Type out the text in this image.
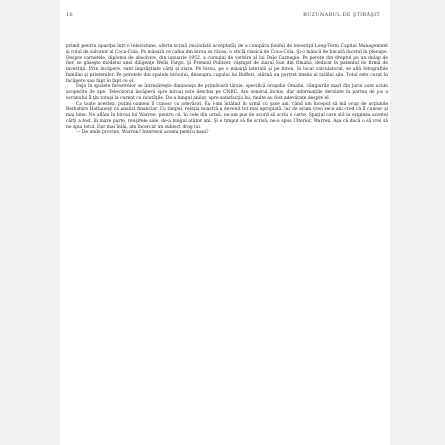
16	BUZUNARUL DE ŞTIRĂŞIT

primit pentru apariţia într-o televiziune, oferta scrisă (niciodată acceptată) de a cumpăra fondul de investiţii Long-Term Capital Management şi rolul de salvator al Coca-Cola. Pe măsură ce cafea din birou se răcea, o sticlă clasică de Coca-Cola. Şi-o mâncă de bucată încetul în pleoape. Despre carnetele, diploma de absolvire, din ianuarie 1952, a cursului de vorbire al lui Dale Carnegie. Pe perete din dreptul pe un dulap de fier, se găseşte modelul unei diligenţe Wells Fargo. Şi Premiul Pulitzer, câştigat de ziarul Sun din Omaha, dedicat în patentul de firmă de investiţii. Prin încăpere, sunt împrăştiate cărţi şi ziare. Pe birou, pe o măsuţă laterală şi pe birou, în local calculatorul, se află fotografiile familiei şi prietenilor. Pe peretele din spatele biroului, deasupra capului lui Buffett, atârnă un portret imens al tatălui său. Totul este curat în încăpere sau fapt în fapt ce el.

Deja în spatele ferestrelor se întrezăreşte dimineaţa de primăvară târzie, specifică oraşului Omaha, câmpurile mari din jurul sunt acum acoperite de ape. Televizorul încăperii spre biroul este deschis pe CNBC. Are sonorul închis, dar informaţiile derulate în partea de jos a ecranului îl ţin totuşi la curent cu noutăţile. De-a lungul anilor, spre satisfacţia lui, multe au fost adevărate despre el.

Ca toate acestea, puţini oameni îl cunosc cu adevărat. Eu l-am întâlnit în urmă cu şase ani, când am început să mă ocup de acţiunile Berkshire Hathaway ca analist financiar. Cu timpul, relaţia noastră a devenit tot mai apropiată, iar de acum vreo zece ani cred că îl cunosc şi mai bine. Ne aflăm în biroul lui Warren, pentru că, în cele din urmă, ne-am pus de acord să scriu o carte. Spaţiul care stă la originea acestei cărţi a fost, în mare parte, reuşitele sale, de-a lungul atâtor ani. Şi e timpul să fie scrisă, ne-a spus Ulterior, Warren. Aşa că dacă o să vrei să ne spui totul. Dar mai întâi, am încercat un subiect drag lui.

— De unde provine, Warren? Interesul acesta pentru bani?
